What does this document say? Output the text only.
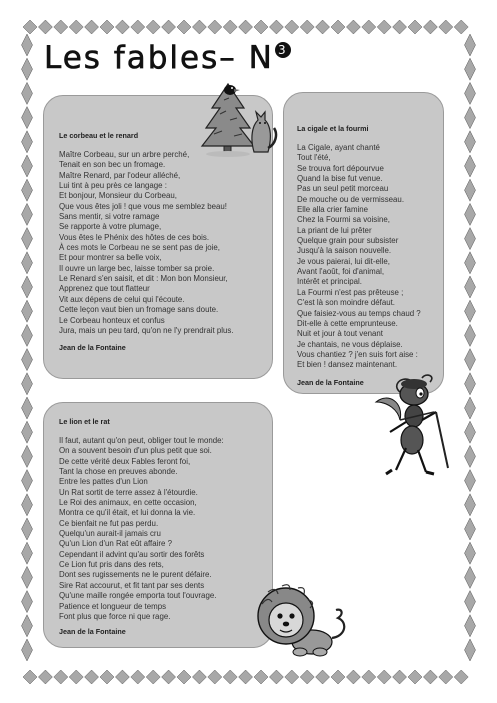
Les fables– N 3
Le corbeau et le renard

Maître Corbeau, sur un arbre perché,
Tenait en son bec un fromage.
Maître Renard, par l'odeur alléché,
Lui tint à peu près ce langage :
Et bonjour, Monsieur du Corbeau,
Que vous êtes joli ! que vous me semblez beau!
Sans mentir, si votre ramage
Se rapporte à votre plumage,
Vous êtes le Phénix des hôtes de ces bois.
À ces mots le Corbeau ne se sent pas de joie,
Et pour montrer sa belle voix,
Il ouvre un large bec, laisse tomber sa proie.
Le Renard s'en saisit, et dit : Mon bon Monsieur,
Apprenez que tout flatteur
Vit aux dépens de celui qui l'écoute.
Cette leçon vaut bien un fromage sans doute.
Le Corbeau honteux et confus
Jura, mais un peu tard, qu'on ne l'y prendrait plus.

Jean de la Fontaine

La cigale et la fourmi

La Cigale, ayant chanté
Tout l'été,
Se trouva fort dépourvue
Quand la bise fut venue.
Pas un seul petit morceau
De mouche ou de vermisseau.
Elle alla crier famine
Chez la Fourmi sa voisine,
La priant de lui prêter
Quelque grain pour subsister
Jusqu'à la saison nouvelle.
Je vous paierai, lui dit-elle,
Avant l'août, foi d'animal,
Intérêt et principal.
La Fourmi n'est pas prêteuse ;
C'est là son moindre défaut.
Que faisiez-vous au temps chaud ?
Dit-elle à cette emprunteuse.
Nuit et jour à tout venant
Je chantais, ne vous déplaise.
Vous chantiez ? j'en suis fort aise :
Et bien ! dansez maintenant.

Jean de la Fontaine

Le lion et le rat

Il faut, autant qu'on peut, obliger tout le monde:
On a souvent besoin d'un plus petit que soi.
De cette vérité deux Fables feront foi,
Tant la chose en preuves abonde.
Entre les pattes d'un Lion
Un Rat sortit de terre assez à l'étourdie.
Le Roi des animaux, en cette occasion,
Montra ce qu'il était, et lui donna la vie.
Ce bienfait ne fut pas perdu.
Quelqu'un aurait-il jamais cru
Qu'un Lion d'un Rat eût affaire ?
Cependant il advint qu'au sortir des forêts
Ce Lion fut pris dans des rets,
Dont ses rugissements ne le purent défaire.
Sire Rat accourut, et fit tant par ses dents
Qu'une maille rongée emporta tout l'ouvrage.
Patience et longueur de temps
Font plus que force ni que rage.

Jean de la Fontaine
